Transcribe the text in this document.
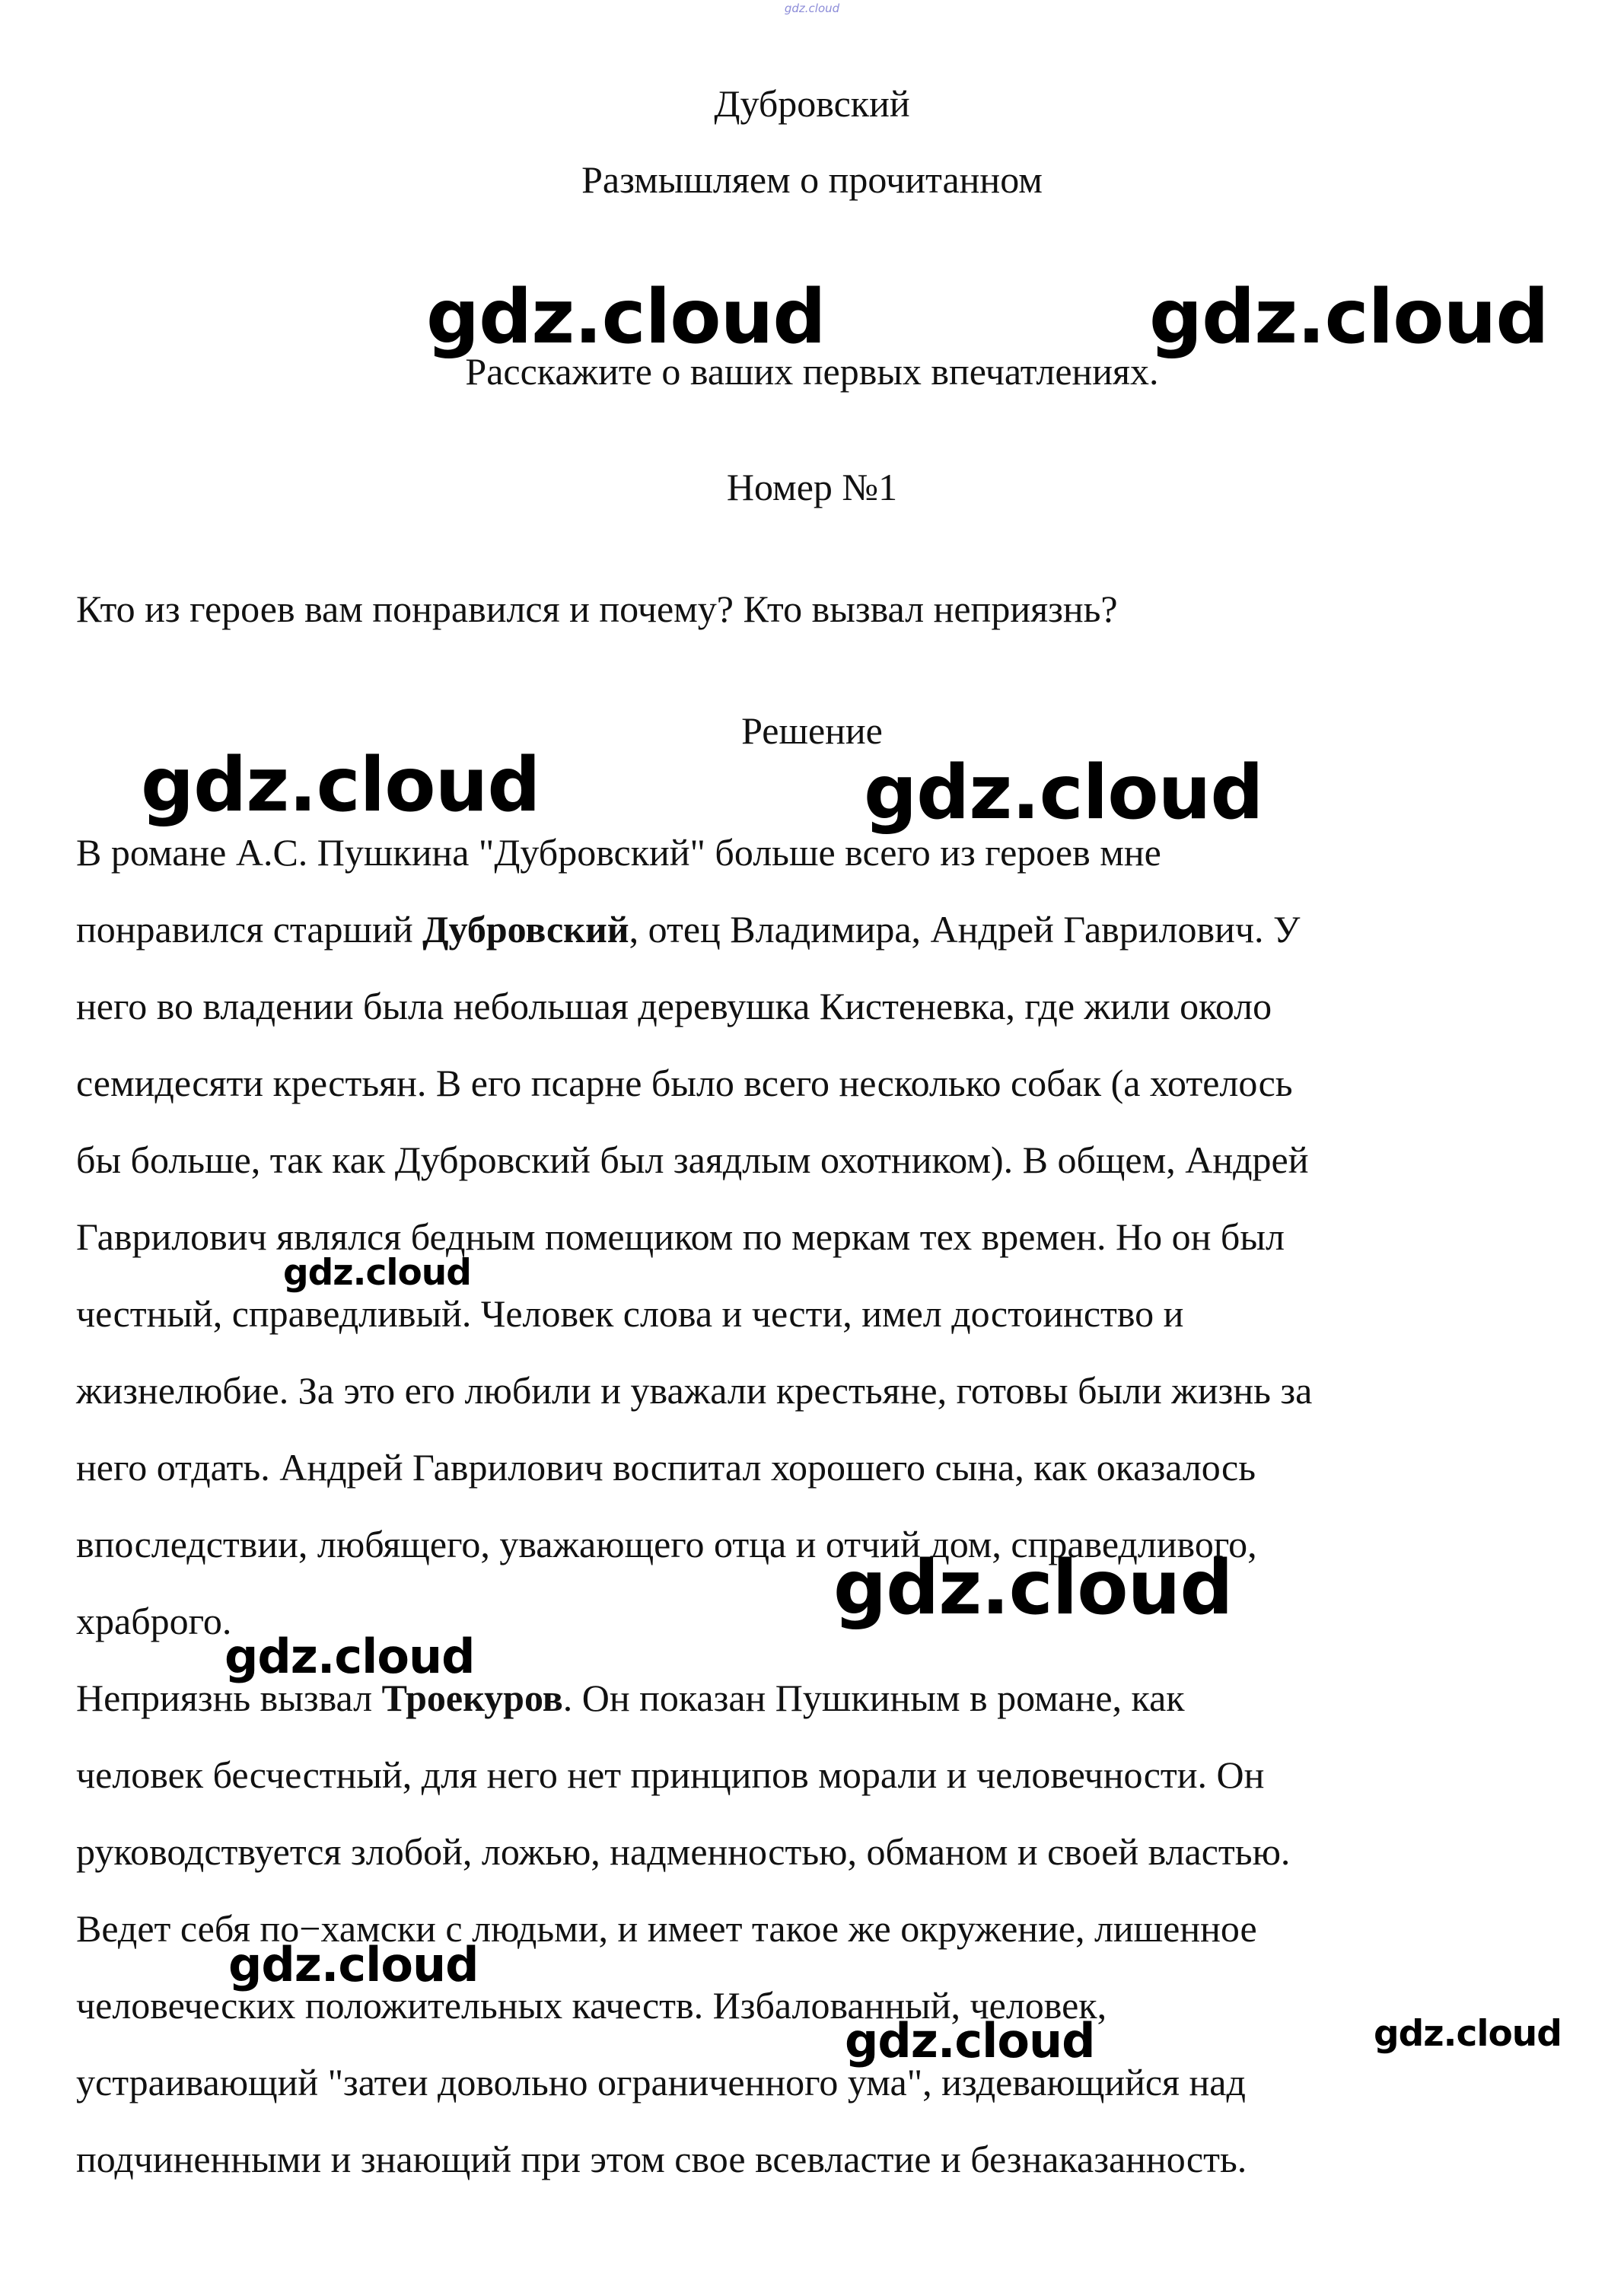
gdz.cloud
Дубровский
Размышляем о прочитанном
Расскажите о ваших первых впечатлениях.
Номер №1
Кто из героев вам понравился и почему? Кто вызвал неприязнь?
Решение
В романе А.С. Пушкина "Дубровский" больше всего из героев мне
понравился старший Дубровский, отец Владимира, Андрей Гаврилович. У
него во владении была небольшая деревушка Кистеневка, где жили около
семидесяти крестьян. В его псарне было всего несколько собак (а хотелось
бы больше, так как Дубровский был заядлым охотником). В общем, Андрей
Гаврилович являлся бедным помещиком по меркам тех времен. Но он был
честный, справедливый. Человек слова и чести, имел достоинство и
жизнелюбие. За это его любили и уважали крестьяне, готовы были жизнь за
него отдать. Андрей Гаврилович воспитал хорошего сына, как оказалось
впоследствии, любящего, уважающего отца и отчий дом, справедливого,
храброго.
Неприязнь вызвал Троекуров. Он показан Пушкиным в романе, как
человек бесчестный, для него нет принципов морали и человечности. Он
руководствуется злобой, ложью, надменностью, обманом и своей властью.
Ведет себя по−хамски с людьми, и имеет такое же окружение, лишенное
человеческих положительных качеств. Избалованный, человек,
устраивающий "затеи довольно ограниченного ума", издевающийся над
подчиненными и знающий при этом свое всевластие и безнаказанность.
gdz.cloud	gdz.cloud
gdz.cloud	gdz.cloud
gdz.cloud
gdz.cloud
gdz.cloud
gdz.cloud
gdz.cloud	gdz.cloud
